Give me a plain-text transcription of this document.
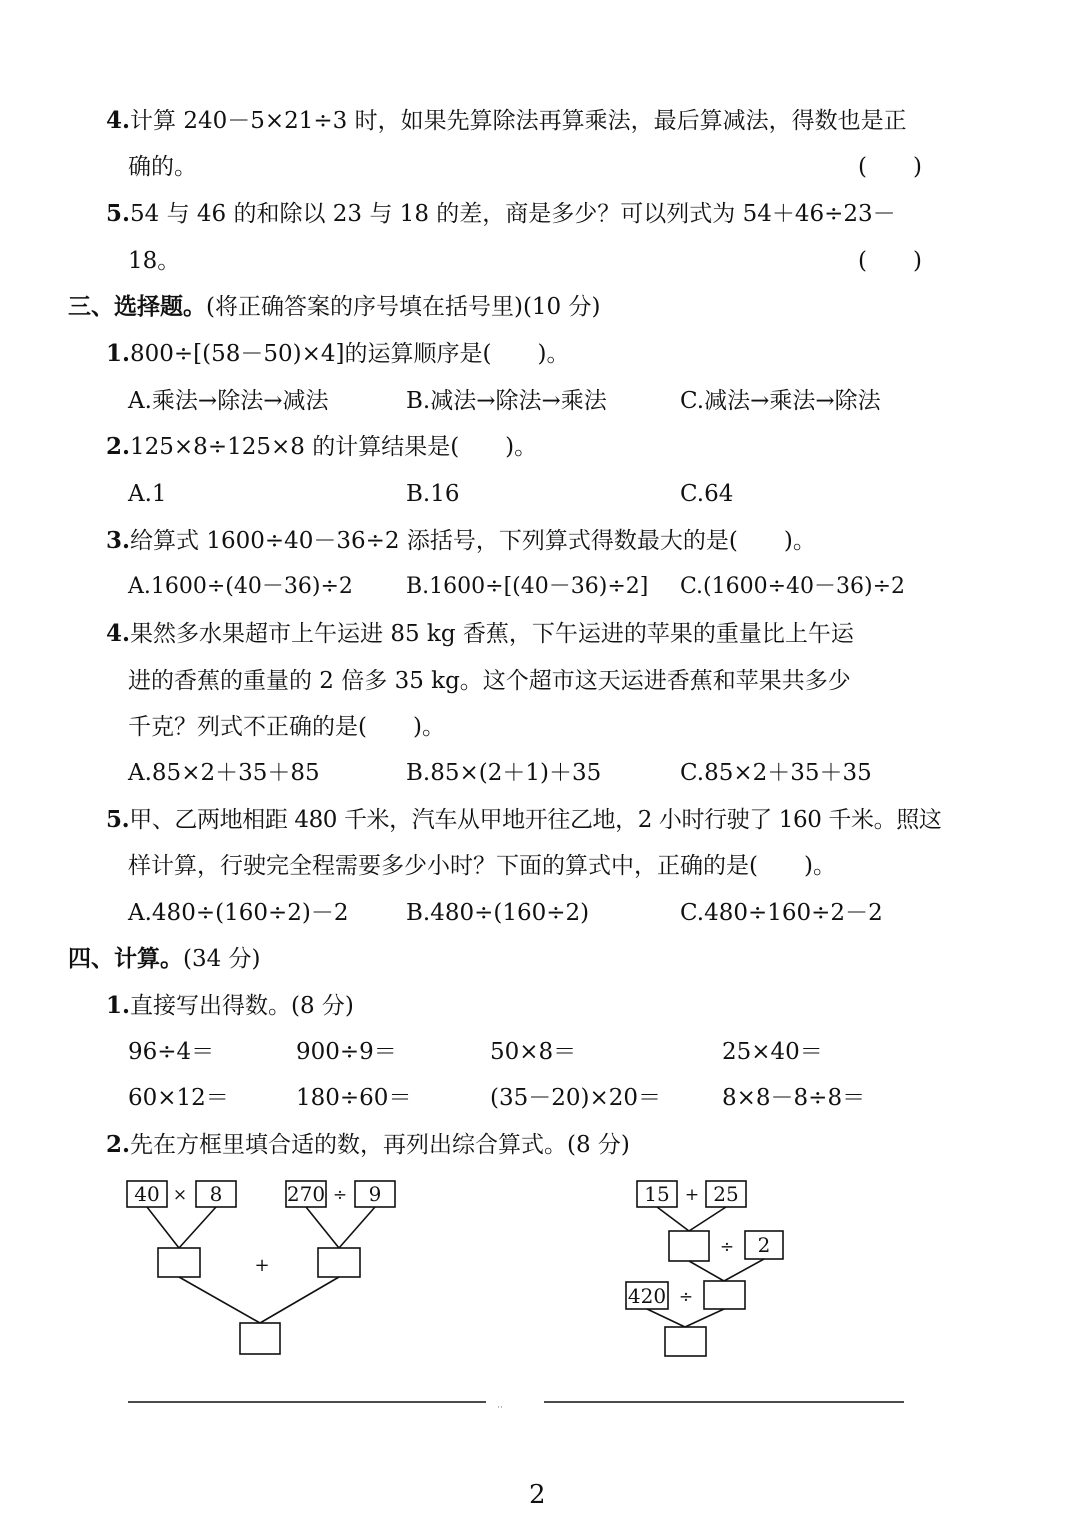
4.计算 240－5×21÷3 时，如果先算除法再算乘法，最后算减法，得数也是正
确的。	(　　)
5.54 与 46 的和除以 23 与 18 的差，商是多少？可以列式为 54＋46÷23－
18。	(　　)
三、选择题。(将正确答案的序号填在括号里)(10 分)
1.800÷[(58－50)×4]的运算顺序是(　　)。
A.乘法→除法→减法	B.减法→除法→乘法	C.减法→乘法→除法
2.125×8÷125×8 的计算结果是(　　)。
A.1	B.16	C.64
3.给算式 1600÷40－36÷2 添括号，下列算式得数最大的是(　　)。
A.1600÷(40－36)÷2 B.1600÷[(40－36)÷2] C.(1600÷40－36)÷2
4.果然多水果超市上午运进 85 kg 香蕉，下午运进的苹果的重量比上午运
进的香蕉的重量的 2 倍多 35 kg。这个超市这天运进香蕉和苹果共多少
千克？列式不正确的是(　　)。
A.85×2＋35＋85	B.85×(2＋1)＋35	C.85×2＋35＋35
5.甲、乙两地相距 480 千米，汽车从甲地开往乙地，2 小时行驶了 160 千米。照这
样计算，行驶完全程需要多少小时？下面的算式中，正确的是(　　)。
A.480÷(160÷2)－2	B.480÷(160÷2)	C.480÷160÷2－2
四、计算。(34 分)
1.直接写出得数。(8 分)
96÷4＝	900÷9＝	50×8＝	25×40＝
60×12＝	180÷60＝	(35－20)×20＝	8×8－8÷8＝
2.先在方框里填合适的数，再列出综合算式。(8 分)
40 × 8	270 ÷ 9
+
15 + 25
÷ 2
420 ÷
··
2
